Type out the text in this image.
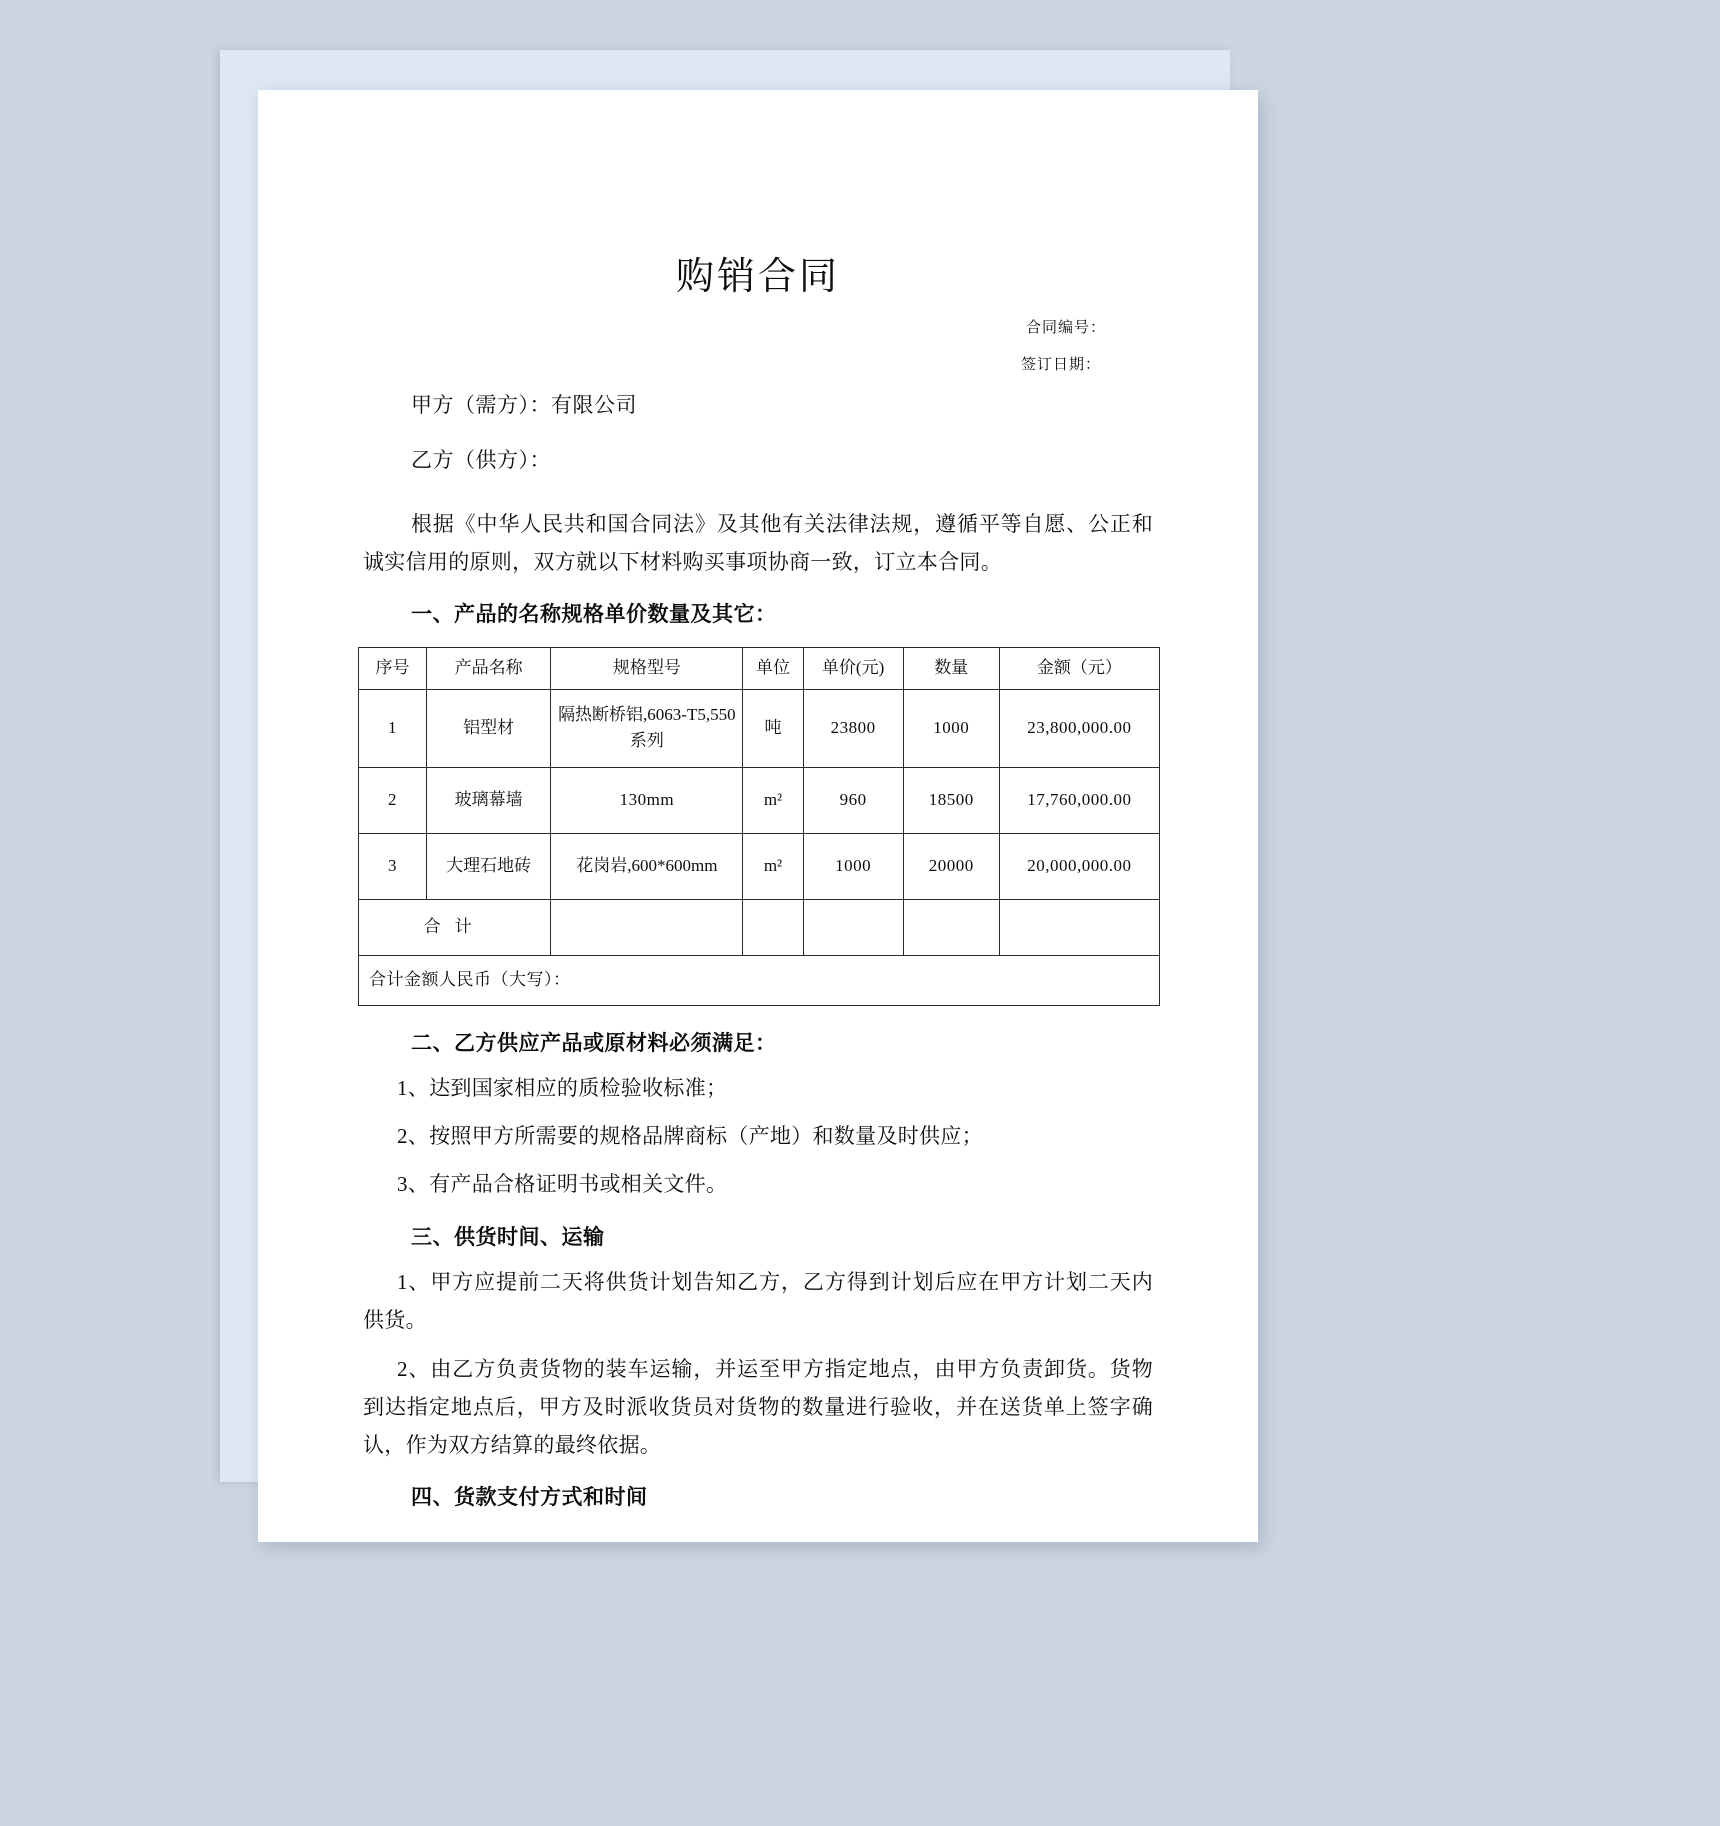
购销合同
合同编号：
签订日期：

甲方（需方）：有限公司

乙方（供方）：

根据《中华人民共和国合同法》及其他有关法律法规，遵循平等自愿、公正和诚实信用的原则，双方就以下材料购买事项协商一致，订立本合同。

一、产品的名称规格单价数量及其它：

序号	产品名称	规格型号	单位	单价(元)	数量	金额（元）
1	铝型材	隔热断桥铝,6063-T5,550 系列	吨	23800	1000	23,800,000.00
2	玻璃幕墙	130mm	m²	960	18500	17,760,000.00
3	大理石地砖	花岗岩,600*600mm	m²	1000	20000	20,000,000.00
合计						
合计金额人民币（大写）：						

二、乙方供应产品或原材料必须满足：

1、达到国家相应的质检验收标准；

2、按照甲方所需要的规格品牌商标（产地）和数量及时供应；

3、有产品合格证明书或相关文件。

三、供货时间、运输

1、甲方应提前二天将供货计划告知乙方，乙方得到计划后应在甲方计划二天内供货。

2、由乙方负责货物的装车运输，并运至甲方指定地点，由甲方负责卸货。货物到达指定地点后，甲方及时派收货员对货物的数量进行验收，并在送货单上签字确认，作为双方结算的最终依据。

四、货款支付方式和时间
